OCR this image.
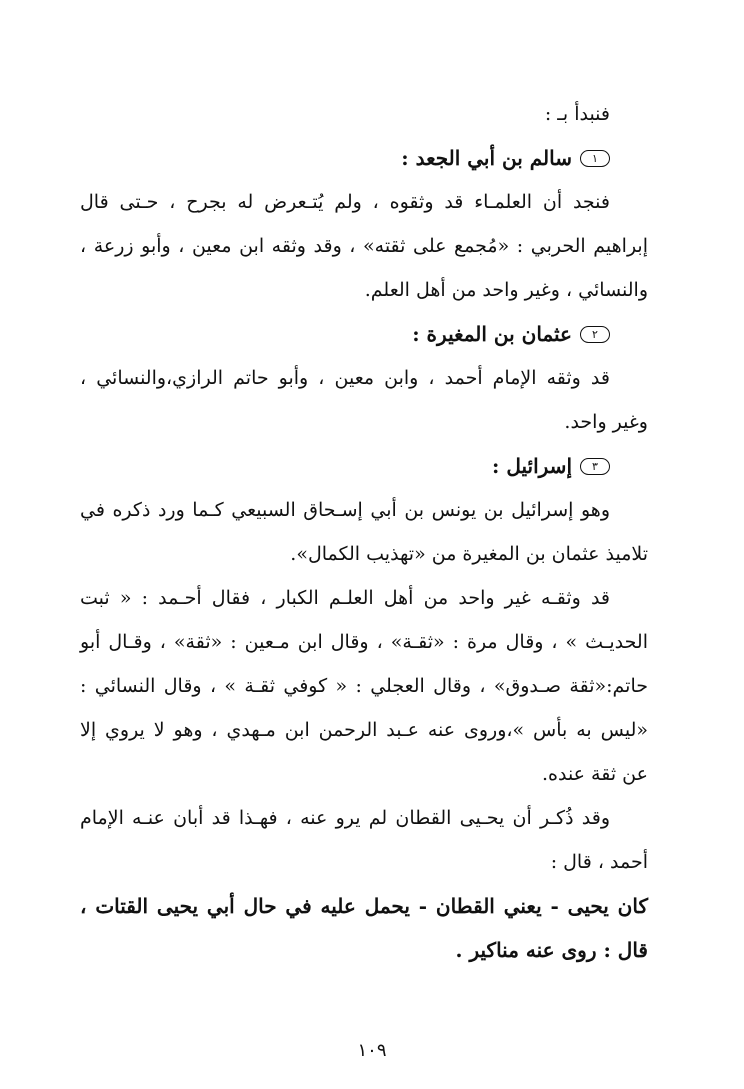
فنبدأ بـ :
١
سالم بن أبي الجعد :
فنجد أن العلمـاء قد وثقوه ، ولم يُتـعرض له بجرح ، حـتى قال
إبراهيم الحربي : «مُجمع على ثقته» ، وقد وثقه ابن معين ، وأبو زرعة ،
والنسائي ، وغير واحد من أهل العلم.
٢
عثمان بن المغيرة :
قد وثقه الإمام أحمد ، وابن معين ، وأبو حاتم الرازي،والنسائي ،
وغير واحد.
٣
إسرائيل :
وهو إسرائيل بن يونس بن أبي إسـحاق السبيعي كـما ورد ذكره في
تلاميذ عثمان بن المغيرة من «تهذيب الكمال».
قد وثقـه غير واحد من أهل العلـم الكبار ، فقال أحـمد : « ثبت
الحديـث » ، وقال مرة : «ثقـة» ، وقال ابن مـعين : «ثقة» ، وقـال أبو
حاتم:«ثقة صـدوق» ، وقال العجلي : « كوفي ثقـة » ، وقال النسائي :
«ليس به بأس »،وروى عنه عـبد الرحمن ابن مـهدي ، وهو لا يروي إلا
عن ثقة عنده.
وقد ذُكـر أن يحـيى القطان لم يرو عنه ، فهـذا قد أبان عنـه الإمام
أحمد ، قال :
كان يحيى - يعني القطان - يحمل عليه في حال أبي يحيى القتات ،
قال : روى عنه مناكير .
١٠٩
